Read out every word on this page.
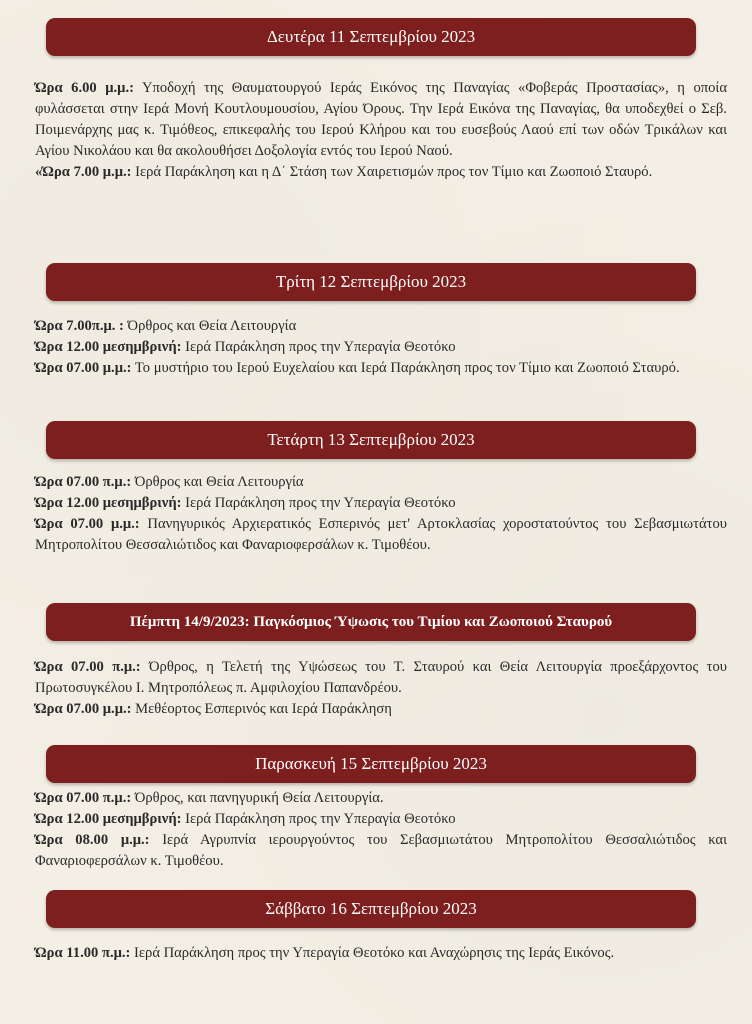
Δευτέρα 11 Σεπτεμβρίου 2023

Ώρα 6.00 μ.μ.: Υποδοχή της Θαυματουργού Ιεράς Εικόνος της Παναγίας «Φοβεράς Προστασίας», η οποία φυλάσσεται στην Ιερά Μονή Κουτλουμουσίου, Αγίου Όρους. Την Ιερά Εικόνα της Παναγίας, θα υποδεχθεί ο Σεβ. Ποιμενάρχης μας κ. Τιμόθεος, επικεφαλής του Ιερού Κλήρου και του ευσεβούς Λαού επί των οδών Τρικάλων και Αγίου Νικολάου και θα ακολουθήσει Δοξολογία εντός του Ιερού Ναού.

«Ώρα 7.00 μ.μ.: Ιερά Παράκληση και η Δ΄ Στάση των Χαιρετισμών προς τον Τίμιο και Ζωοποιό Σταυρό.

Τρίτη 12 Σεπτεμβρίου 2023

Ώρα 7.00π.μ. : Όρθρος και Θεία Λειτουργία

Ώρα 12.00 μεσημβρινή: Ιερά Παράκληση προς την Υπεραγία Θεοτόκο

Ώρα 07.00 μ.μ.: Το μυστήριο του Ιερού Ευχελαίου και Ιερά Παράκληση προς τον Τίμιο και Ζωοποιό Σταυρό.

Τετάρτη 13 Σεπτεμβρίου 2023

Ώρα 07.00 π.μ.: Όρθρος και Θεία Λειτουργία

Ώρα 12.00 μεσημβρινή: Ιερά Παράκληση προς την Υπεραγία Θεοτόκο

Ώρα 07.00 μ.μ.: Πανηγυρικός Αρχιερατικός Εσπερινός μετ' Αρτοκλασίας χοροστατούντος του Σεβασμιωτάτου Μητροπολίτου Θεσσαλιώτιδος και Φαναριοφερσάλων κ. Τιμοθέου.

Πέμπτη 14/9/2023: Παγκόσμιος Ύψωσις του Τιμίου και Ζωοποιού Σταυρού

Ώρα 07.00 π.μ.: Όρθρος, η Τελετή της Υψώσεως του Τ. Σταυρού και Θεία Λειτουργία προεξάρχοντος του Πρωτοσυγκέλου Ι. Μητροπόλεως π. Αμφιλοχίου Παπανδρέου.

Ώρα 07.00 μ.μ.: Μεθέορτος Εσπερινός και Ιερά Παράκληση

Παρασκευή 15 Σεπτεμβρίου 2023

Ώρα 07.00 π.μ.: Όρθρος, και πανηγυρική Θεία Λειτουργία.

Ώρα 12.00 μεσημβρινή: Ιερά Παράκληση προς την Υπεραγία Θεοτόκο

Ώρα 08.00 μ.μ.: Ιερά Αγρυπνία ιερουργούντος του Σεβασμιωτάτου Μητροπολίτου Θεσσαλιώτιδος και Φαναριοφερσάλων κ. Τιμοθέου.

Σάββατο 16 Σεπτεμβρίου 2023

Ώρα 11.00 π.μ.: Ιερά Παράκληση προς την Υπεραγία Θεοτόκο και Αναχώρησις της Ιεράς Εικόνος.
